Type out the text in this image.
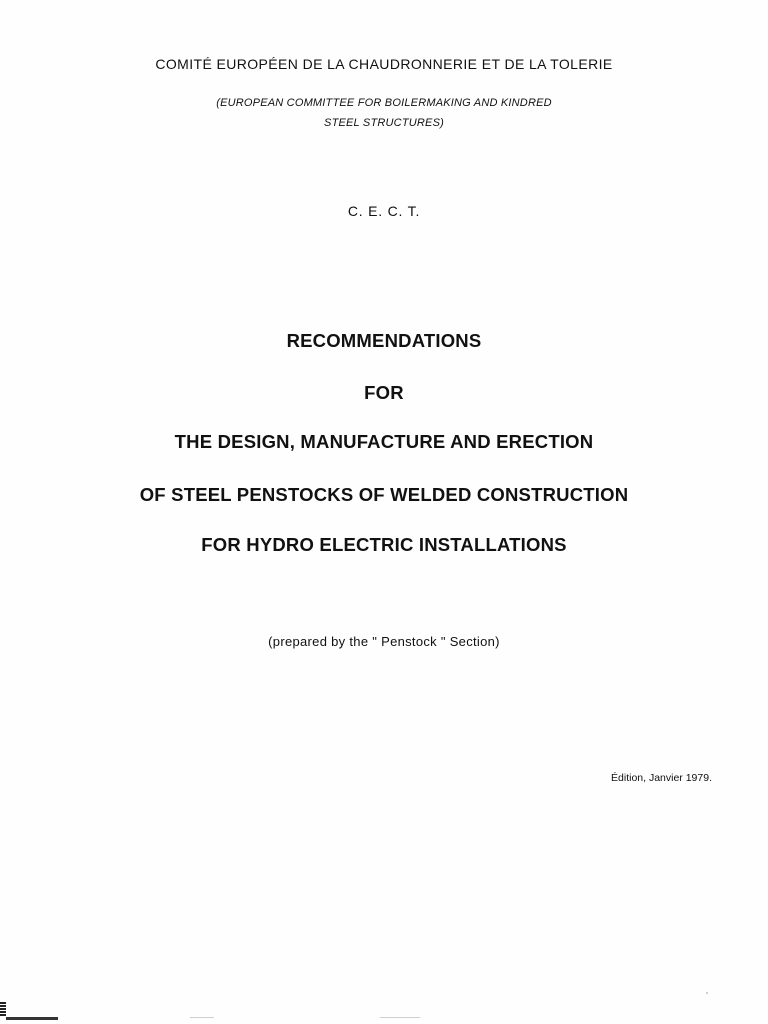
COMITÉ EUROPÉEN DE LA CHAUDRONNERIE ET DE LA TOLERIE
(EUROPEAN COMMITTEE FOR BOILERMAKING AND KINDRED
STEEL STRUCTURES)
C. E. C. T.
RECOMMENDATIONS
FOR
THE DESIGN, MANUFACTURE AND ERECTION
OF STEEL PENSTOCKS OF WELDED CONSTRUCTION
FOR HYDRO ELECTRIC INSTALLATIONS
(prepared by the " Penstock " Section)
Édition, Janvier 1979.
